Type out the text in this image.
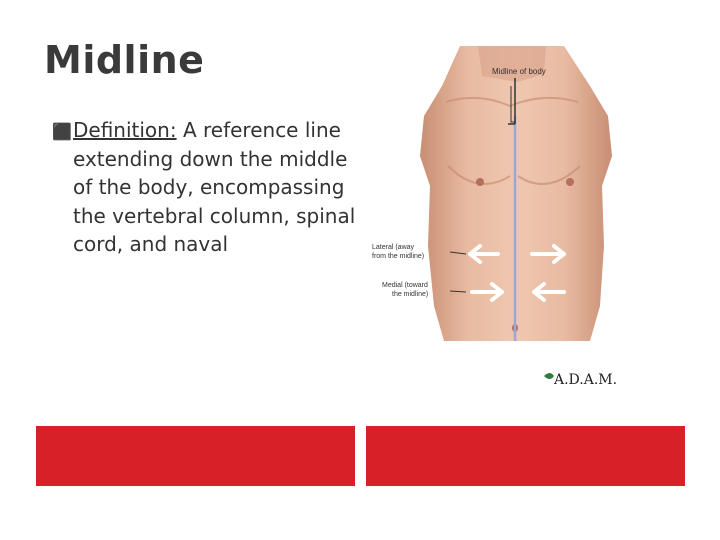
Midline
⬛ Definition: A reference line extending down the middle of the body, encompassing the vertebral column, spinal cord, and naval
Midline of body
Lateral (away
from the midline)
Medial (toward
the midline)
A.D.A.M.
